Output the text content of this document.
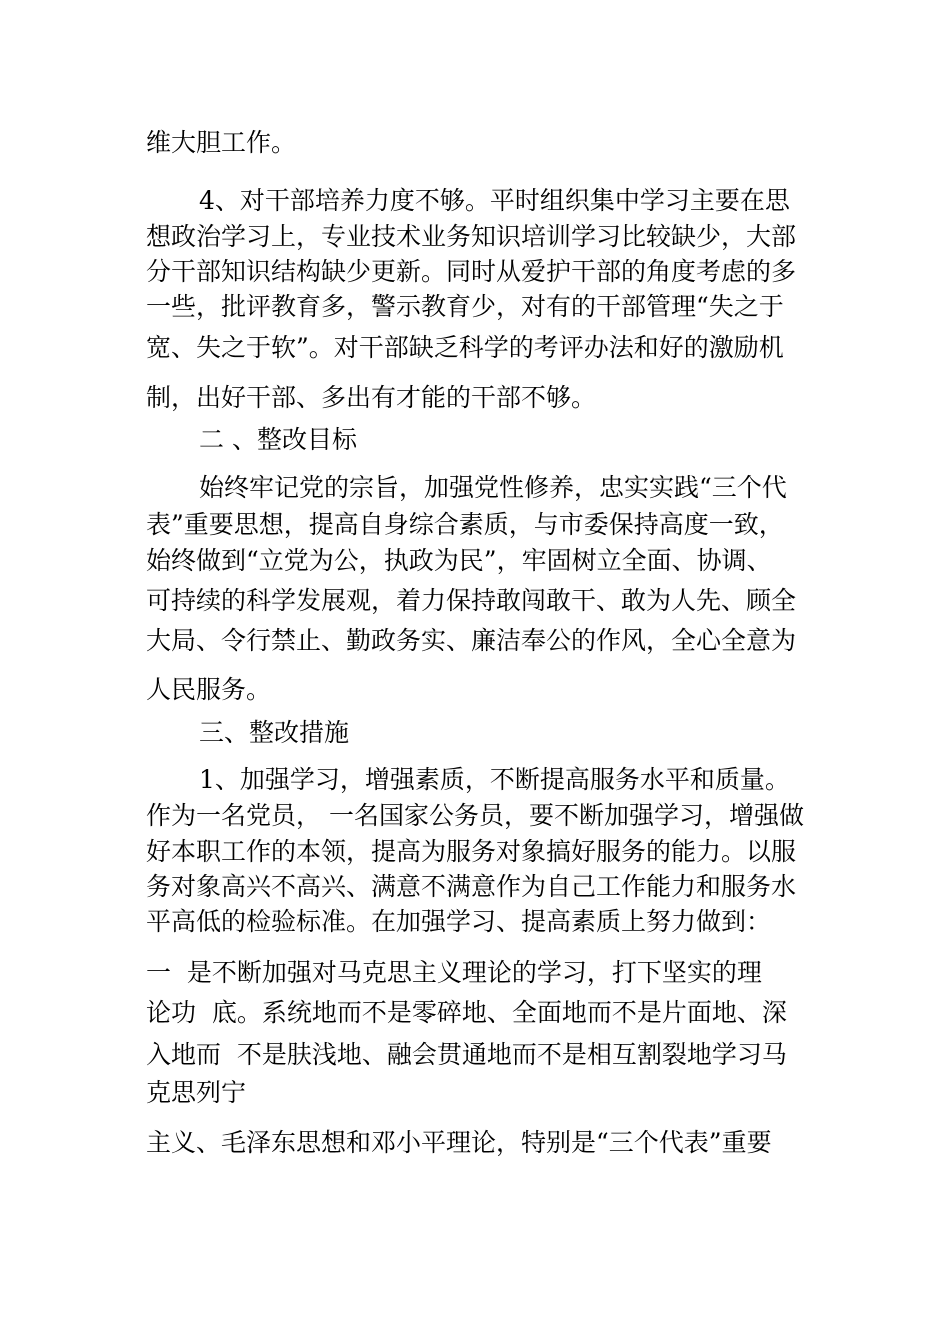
维大胆工作。
4、对干部培养力度不够。平时组织集中学习主要在思
想政治学习上，专业技术业务知识培训学习比较缺少，大部
分干部知识结构缺少更新。同时从爱护干部的角度考虑的多
一些，批评教育多，警示教育少，对有的干部管理“失之于
宽、失之于软”。对干部缺乏科学的考评办法和好的激励机
制，出好干部、多出有才能的干部不够。
二 、整改目标
始终牢记党的宗旨，加强党性修养，忠实实践“三个代
表”重要思想，提高自身综合素质，与市委保持高度一致，
始终做到“立党为公，执政为民”，牢固树立全面、协调、
可持续的科学发展观，着力保持敢闯敢干、敢为人先、顾全
大局、令行禁止、勤政务实、廉洁奉公的作风，全心全意为
人民服务。
三、整改措施
1、加强学习，增强素质，不断提高服务水平和质量。
作为一名党员， 一名国家公务员，要不断加强学习，增强做
好本职工作的本领，提高为服务对象搞好服务的能力。以服
务对象高兴不高兴、满意不满意作为自己工作能力和服务水
平高低的检验标准。在加强学习、提高素质上努力做到：
一  是不断加强对马克思主义理论的学习，打下坚实的理
论功  底。系统地而不是零碎地、全面地而不是片面地、深
入地而  不是肤浅地、融会贯通地而不是相互割裂地学习马
克思列宁
主义、毛泽东思想和邓小平理论，特别是“三个代表”重要
